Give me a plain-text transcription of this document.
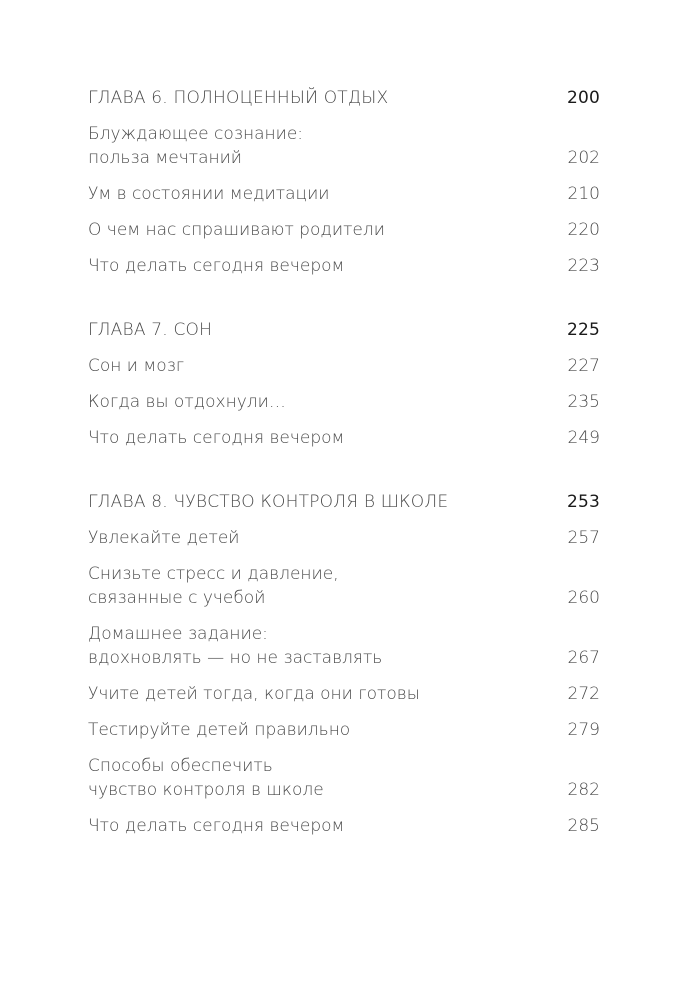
ГЛАВА 6. ПОЛНОЦЕННЫЙ ОТДЫХ	200
Блуждающее сознание:
польза мечтаний	202
Ум в состоянии медитации	210
О чем нас спрашивают родители	220
Что делать сегодня вечером	223
ГЛАВА 7. СОН	225
Сон и мозг	227
Когда вы отдохнули…	235
Что делать сегодня вечером	249
ГЛАВА 8. ЧУВСТВО КОНТРОЛЯ В ШКОЛЕ	253
Увлекайте детей	257
Снизьте стресс и давление,
связанные с учебой	260
Домашнее задание:
вдохновлять — но не заставлять	267
Учите детей тогда, когда они готовы	272
Тестируйте детей правильно	279
Способы обеспечить
чувство контроля в школе	282
Что делать сегодня вечером	285
